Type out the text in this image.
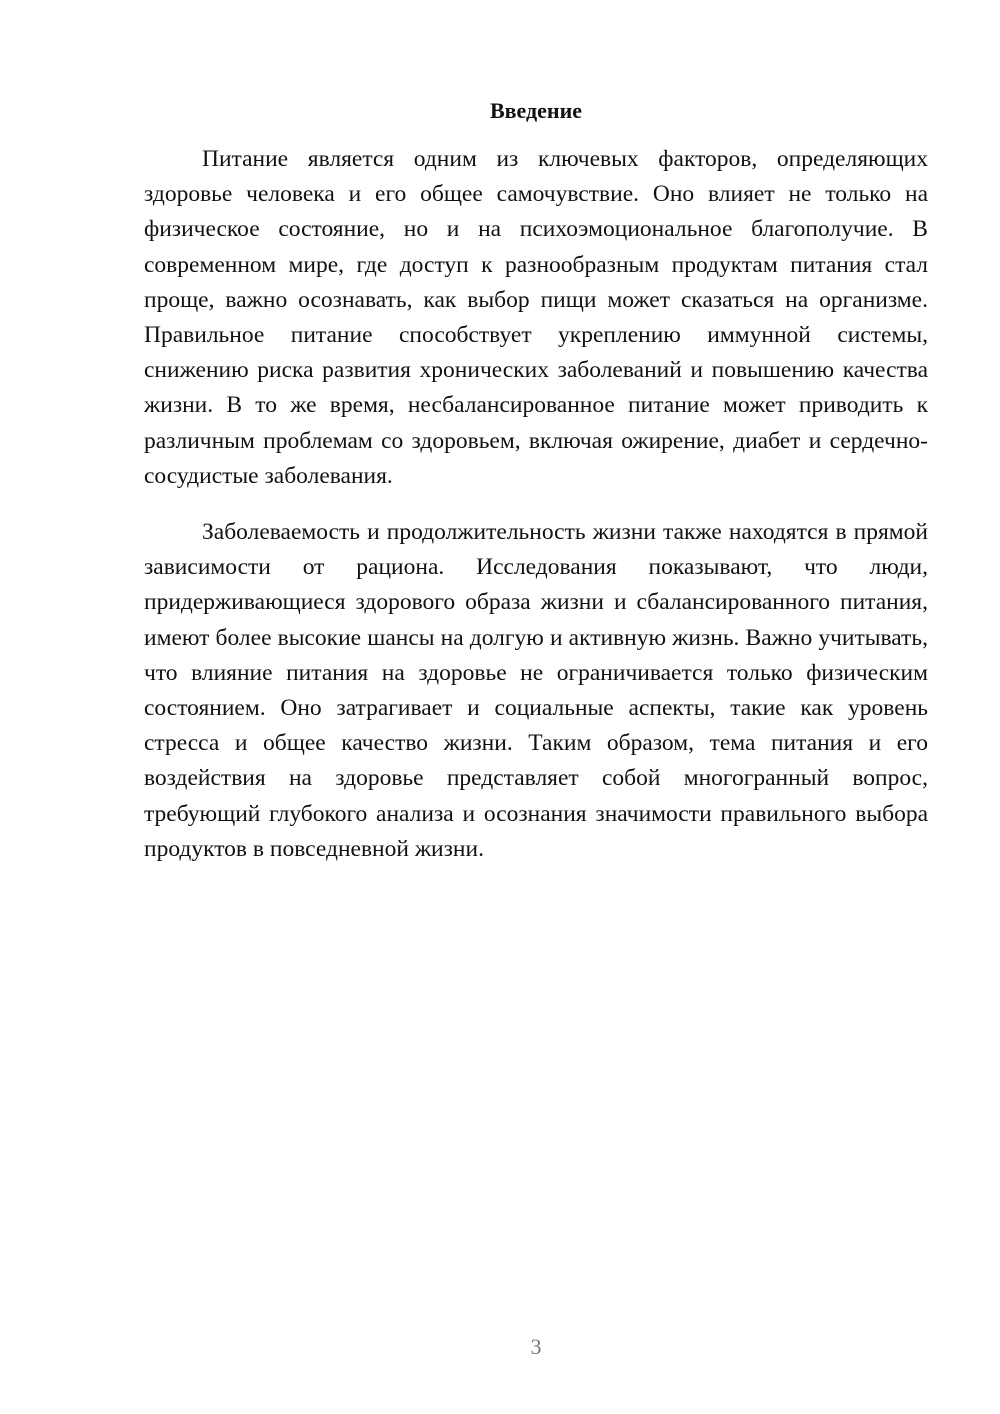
Введение

Питание является одним из ключевых факторов, определяющих здоровье человека и его общее самочувствие. Оно влияет не только на физическое состояние, но и на психоэмоциональное благополучие. В современном мире, где доступ к разнообразным продуктам питания стал проще, важно осознавать, как выбор пищи может сказаться на организме. Правильное питание способствует укреплению иммунной системы, снижению риска развития хронических заболеваний и повышению качества жизни. В то же время, несбалансированное питание может приводить к различным проблемам со здоровьем, включая ожирение, диабет и сердечно-сосудистые заболевания.

Заболеваемость и продолжительность жизни также находятся в прямой зависимости от рациона. Исследования показывают, что люди, придерживающиеся здорового образа жизни и сбалансированного питания, имеют более высокие шансы на долгую и активную жизнь. Важно учитывать, что влияние питания на здоровье не ограничивается только физическим состоянием. Оно затрагивает и социальные аспекты, такие как уровень стресса и общее качество жизни. Таким образом, тема питания и его воздействия на здоровье представляет собой многогранный вопрос, требующий глубокого анализа и осознания значимости правильного выбора продуктов в повседневной жизни.

3
